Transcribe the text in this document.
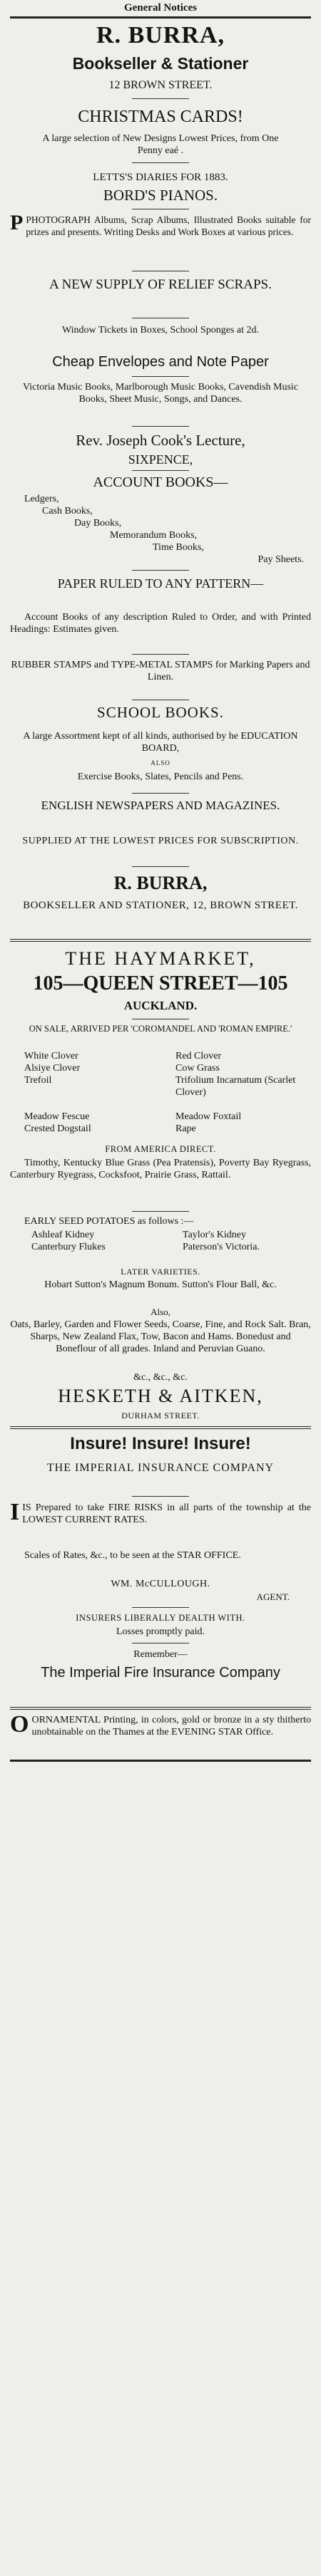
General Notices
R. BURRA,
Bookseller & Stationer
12 BROWN STREET.
CHRISTMAS CARDS!
A large selection of New Designs Lowest Prices, from One Penny eaé .
LETTS'S DIARIES FOR 1883.
BORD'S PIANOS.
PPHOTOGRAPH Albums, Scrap Albums, Illustrated Books suitable for prizes and presents. Writing Desks and Work Boxes at various prices.
A NEW SUPPLY OF RELIEF SCRAPS.
Window Tickets in Boxes, School Sponges at 2d.
Cheap Envelopes and Note Paper
Victoria Music Books, Marlborough Music Books, Cavendish Music Books, Sheet Music, Songs, and Dances.
Rev. Joseph Cook's Lecture,
SIXPENCE,
ACCOUNT BOOKS—
Ledgers,
Cash Books,
Day Books,
Memorandum Books,
Time Books,
Pay Sheets.
PAPER RULED TO ANY PATTERN—
Account Books of any description Ruled to Order, and with Printed Headings: Estimates given.
RUBBER STAMPS and TYPE-METAL STAMPS for Marking Papers and Linen.
SCHOOL BOOKS.
A large Assortment kept of all kinds, authorised by he EDUCATION BOARD,
ALSO
Exercise Books, Slates, Pencils and Pens.
ENGLISH NEWSPAPERS AND MAGAZINES.
SUPPLIED AT THE LOWEST PRICES FOR SUBSCRIPTION.
R. BURRA,
BOOKSELLER AND STATIONER, 12, BROWN STREET.
THE HAYMARKET,
105—QUEEN STREET—105
AUCKLAND.
ON SALE, ARRIVED PER 'COROMANDEL AND 'ROMAN EMPIRE.'
White Clover
Alsiye Clover
Trefoil
Meadow Fescue
Crested Dogstail
Red Clover
Cow Grass
Trifolium Incarnatum (Scarlet Clover)
Meadow Foxtail
Rape
FROM AMERICA DIRECT.
Timothy, Kentucky Blue Grass (Pea Pratensis), Poverty Bay Ryegrass, Canterbury Ryegrass, Cocksfoot, Prairie Grass, Rattail.
EARLY SEED POTATOES as follows :—
Ashleaf Kidney
Canterbury Flukes
Taylor's Kidney
Paterson's Victoria.
LATER VARIETIES.
Hobart Sutton's Magnum Bonum. Sutton's Flour Ball, &c.
Also,
Oats, Barley, Garden and Flower Seeds, Coarse, Fine, and Rock Salt. Bran, Sharps, New Zealand Flax, Tow, Bacon and Hams. Bonedust and Boneflour of all grades. Inland and Peruvian Guano.
&c., &c., &c.
HESKETH & AITKEN,
DURHAM STREET.
Insure! Insure! Insure!
THE IMPERIAL INSURANCE COMPANY
IIS Prepared to take FIRE RISKS in all parts of the township at the LOWEST CURRENT RATES.
Scales of Rates, &c., to be seen at the STAR OFFICE.
WM. McCULLOUGH.
AGENT.
INSURERS LIBERALLY DEALTH WITH.
Losses promptly paid.
Remember—
The Imperial Fire Insurance Company
OORNAMENTAL Printing, in colors, gold or bronze in a sty thitherto unobtainable on the Thames at the EVENING STAR Office.
